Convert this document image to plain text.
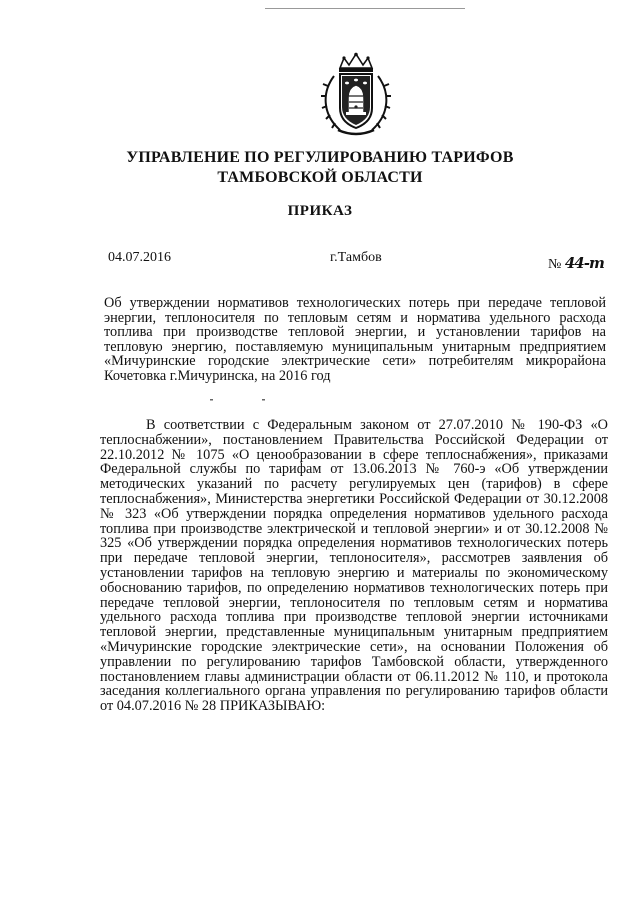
УПРАВЛЕНИЕ ПО РЕГУЛИРОВАНИЮ ТАРИФОВ ТАМБОВСКОЙ ОБЛАСТИ
ПРИКАЗ
04.07.2016	г.Тамбов	№ 44-т
Об утверждении нормативов технологических потерь при передаче тепловой энергии, теплоносителя по тепловым сетям и норматива удельного расхода топлива при производстве тепловой энергии, и установлении тарифов на тепловую энергию, поставляемую муниципальным унитарным предприятием «Мичуринские городские электрические сети» потребителям микрорайона Кочетовка г.Мичуринска, на 2016 год
В соответствии с Федеральным законом от 27.07.2010 № 190-ФЗ «О теплоснабжении», постановлением Правительства Российской Федерации от 22.10.2012 № 1075 «О ценообразовании в сфере теплоснабжения», приказами Федеральной службы по тарифам от 13.06.2013 № 760-э «Об утверждении методических указаний по расчету регулируемых цен (тарифов) в сфере теплоснабжения», Министерства энергетики Российской Федерации от 30.12.2008 № 323 «Об утверждении порядка определения нормативов удельного расхода топлива при производстве электрической и тепловой энергии» и от 30.12.2008 № 325 «Об утверждении порядка определения нормативов технологических потерь при передаче тепловой энергии, теплоносителя», рассмотрев заявления об установлении тарифов на тепловую энергию и материалы по экономическому обоснованию тарифов, по определению нормативов технологических потерь при передаче тепловой энергии, теплоносителя по тепловым сетям и норматива удельного расхода топлива при производстве тепловой энергии источниками тепловой энергии, представленные муниципальным унитарным предприятием «Мичуринские городские электрические сети», на основании Положения об управлении по регулированию тарифов Тамбовской области, утвержденного постановлением главы администрации области от 06.11.2012 № 110, и протокола заседания коллегиального органа управления по регулированию тарифов области от 04.07.2016 № 28 ПРИКАЗЫВАЮ:
